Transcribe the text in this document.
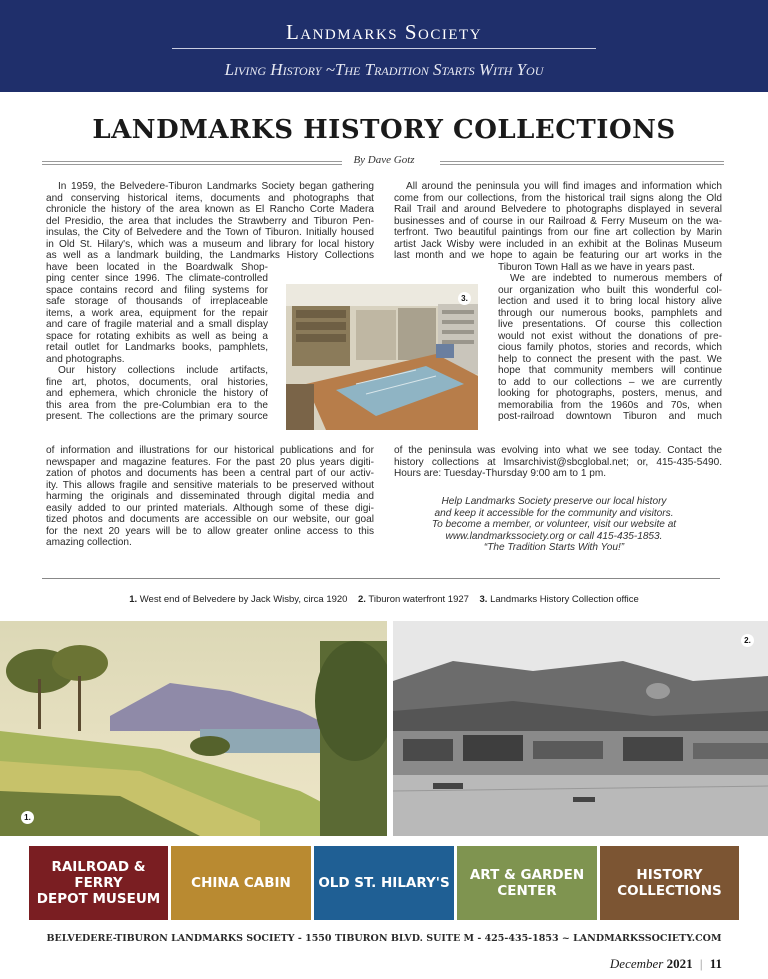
Landmarks Society
Living History ~The Tradition Starts With You
LANDMARKS HISTORY COLLECTIONS
By Dave Gotz
In 1959, the Belvedere-Tiburon Landmarks Society began gathering
and conserving historical items, documents and photographs that
chronicle the history of the area known as El Rancho Corte Madera
del Presidio, the area that includes the Strawberry and Tiburon Pen-
insulas, the City of Belvedere and the Town of Tiburon. Initially housed
in Old St. Hilary's, which was a museum and library for local history
as well as a landmark building, the Landmarks History Collections
have been located in the Boardwalk Shop-
ping center since 1996. The climate-controlled
space contains record and filing systems for
safe storage of thousands of irreplaceable
items, a work area, equipment for the repair
and care of fragile material and a small display
space for rotating exhibits as well as being a
retail outlet for Landmarks books, pamphlets,
and photographs.
Our history collections include artifacts,
fine art, photos, documents, oral histories,
and ephemera, which chronicle the history of
this area from the pre-Columbian era to the
present. The collections are the primary source
of information and illustrations for our historical publications and for
newspaper and magazine features. For the past 20 plus years digiti-
zation of photos and documents has been a central part of our activ-
ity. This allows fragile and sensitive materials to be preserved without
harming the originals and disseminated through digital media and
easily added to our printed materials. Although some of these digi-
tized photos and documents are accessible on our website, our goal
for the next 20 years will be to allow greater online access to this
amazing collection.
All around the peninsula you will find images and information which
come from our collections, from the historical trail signs along the Old
Rail Trail and around Belvedere to photographs displayed in several
businesses and of course in our Railroad & Ferry Museum on the wa-
terfront. Two beautiful paintings from our fine art collection by Marin
artist Jack Wisby were included in an exhibit at the Bolinas Museum
last month and we hope to again be featuring our art works in the
Tiburon Town Hall as we have in years past.
We are indebted to numerous members of
our organization who built this wonderful col-
lection and used it to bring local history alive
through our numerous books, pamphlets and
live presentations. Of course this collection
would not exist without the donations of pre-
cious family photos, stories and records, which
help to connect the present with the past. We
hope that community members will continue
to add to our collections – we are currently
looking for photographs, posters, menus, and
memorabilia from the 1960s and 70s, when
post-railroad downtown Tiburon and much
of the peninsula was evolving into what we see today. Contact the
history collections at lmsarchivist@sbcglobal.net; or, 415-435-5490.
Hours are: Tuesday-Thursday 9:00 am to 1 pm.
Help Landmarks Society preserve our local history
and keep it accessible for the community and visitors.
To become a member, or volunteer, visit our website at
www.landmarkssociety.org or call 415-435-1853.
“The Tradition Starts With You!”
3.
1. West end of Belvedere by Jack Wisby, circa 1920 2. Tiburon waterfront 1927 3. Landmarks History Collection office
1.
2.
RAILROAD & FERRY
DEPOT MUSEUM
CHINA CABIN OLD ST. HILARY'S ART & GARDEN
CENTER
HISTORY
COLLECTIONS
BELVEDERE-TIBURON LANDMARKS SOCIETY - 1550 TIBURON BLVD. SUITE M - 425-435-1853 ~ LANDMARKSSOCIETY.COM
December 2021 | 11
